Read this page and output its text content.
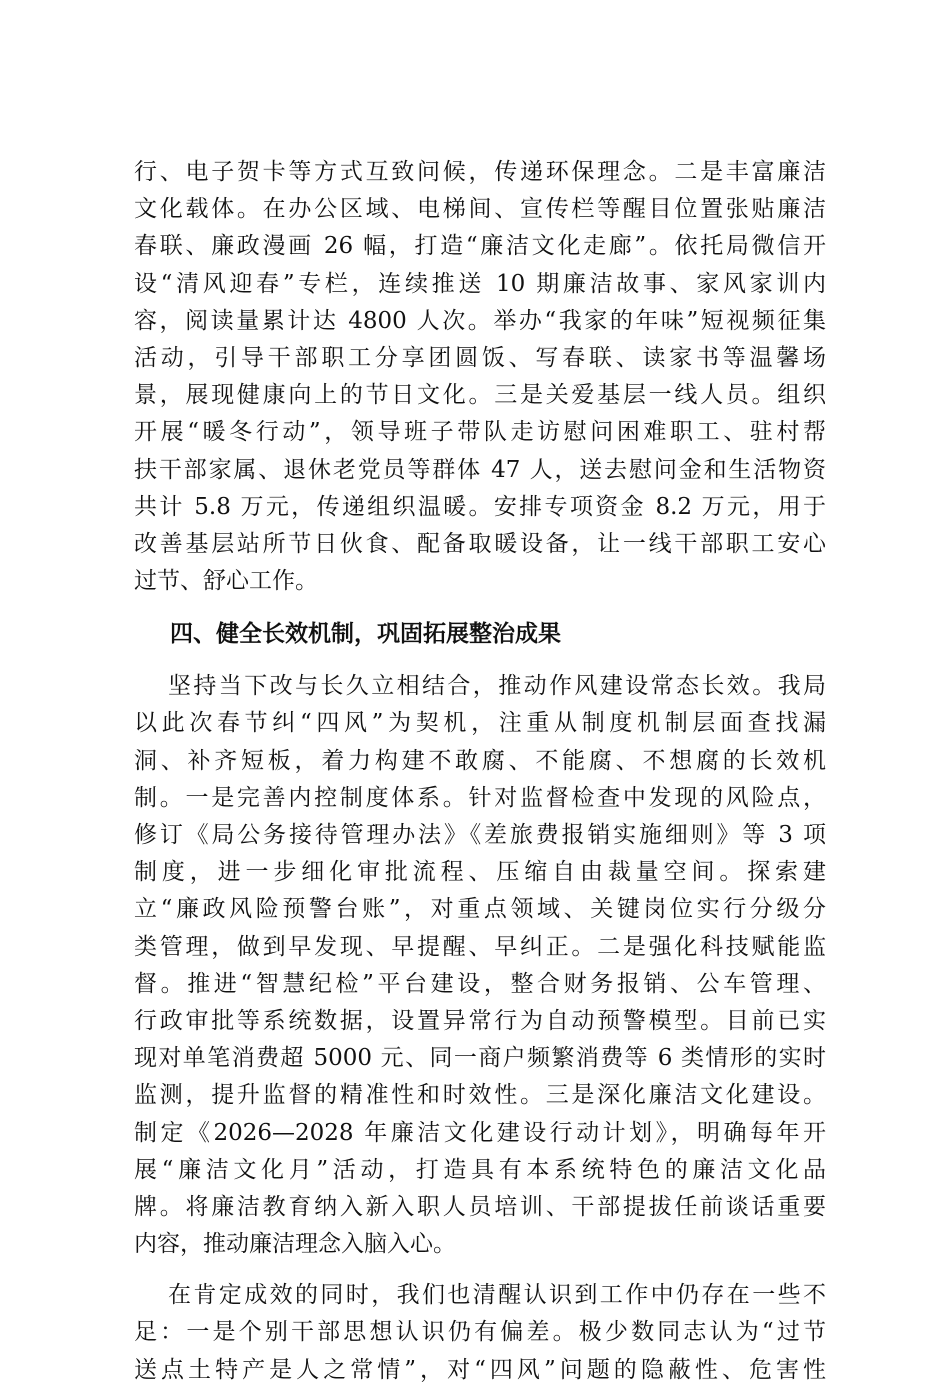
行、电子贺卡等方式互致问候，传递环保理念。二是丰富廉洁
文化载体。在办公区域、电梯间、宣传栏等醒目位置张贴廉洁
春联、廉政漫画 26 幅，打造“廉洁文化走廊”。依托局微信开
设“清风迎春”专栏，连续推送 10 期廉洁故事、家风家训内
容，阅读量累计达 4800 人次。举办“我家的年味”短视频征集
活动，引导干部职工分享团圆饭、写春联、读家书等温馨场
景，展现健康向上的节日文化。三是关爱基层一线人员。组织
开展“暖冬行动”，领导班子带队走访慰问困难职工、驻村帮
扶干部家属、退休老党员等群体 47 人，送去慰问金和生活物资
共计 5.8 万元，传递组织温暖。安排专项资金 8.2 万元，用于
改善基层站所节日伙食、配备取暖设备，让一线干部职工安心
过节、舒心工作。
四、健全长效机制，巩固拓展整治成果
坚持当下改与长久立相结合，推动作风建设常态长效。我局
以此次春节纠“四风”为契机，注重从制度机制层面查找漏
洞、补齐短板，着力构建不敢腐、不能腐、不想腐的长效机
制。一是完善内控制度体系。针对监督检查中发现的风险点，
修订《局公务接待管理办法》《差旅费报销实施细则》等 3 项
制度，进一步细化审批流程、压缩自由裁量空间。探索建
立“廉政风险预警台账”，对重点领域、关键岗位实行分级分
类管理，做到早发现、早提醒、早纠正。二是强化科技赋能监
督。推进“智慧纪检”平台建设，整合财务报销、公车管理、
行政审批等系统数据，设置异常行为自动预警模型。目前已实
现对单笔消费超 5000 元、同一商户频繁消费等 6 类情形的实时
监测，提升监督的精准性和时效性。三是深化廉洁文化建设。
制定《2026—2028 年廉洁文化建设行动计划》，明确每年开
展“廉洁文化月”活动，打造具有本系统特色的廉洁文化品
牌。将廉洁教育纳入新入职人员培训、干部提拔任前谈话重要
内容，推动廉洁理念入脑入心。
在肯定成效的同时，我们也清醒认识到工作中仍存在一些不
足：一是个别干部思想认识仍有偏差。极少数同志认为“过节
送点土特产是人之常情”，对“四风”问题的隐蔽性、危害性
